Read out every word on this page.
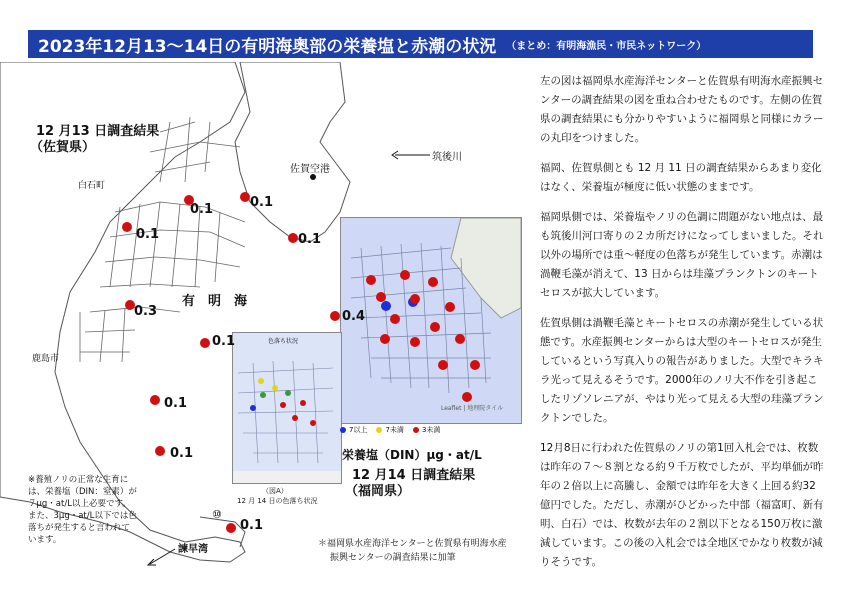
2023年12月13〜14日の有明海奥部の栄養塩と赤潮の状況 （まとめ：有明海漁民・市民ネットワーク）
Leaflet | 地理院タイル
色落ち状況
0.1	0.1
0.1	0.1
0.3
0.1
0.1
0.1
0.1
0.4
12 月13 日調査結果
（佐賀県）
白石町
鹿島市
有　明　海
佐賀空港
筑後川
諫早湾
⑩
（図A）
12 月 14 日の色落ち状況
7以上	7未満	3未満
栄養塩（DIN）μg・at/L
12 月14 日調査結果
（福岡県）
※養殖ノリの正常な生育には、栄養塩（DIN：窒素）が７μg・at/L以上必要です。また、3μg・at/L以下では色落ちが発生すると言われています。	＊福岡県水産海洋センターと佐賀県有明海水産
振興センターの調査結果に加筆

左の図は福岡県水産海洋センターと佐賀県有明海水産振興センターの調査結果の図を重ね合わせたものです。左側の佐賀県の調査結果にも分かりやすいように福岡県と同様にカラーの丸印をつけました。

福岡、佐賀県側とも 12 月 11 日の調査結果からあまり変化はなく、栄養塩が極度に低い状態のままです。

福岡県側では、栄養塩やノリの色調に問題がない地点は、最も筑後川河口寄りの２カ所だけになってしまいました。それ以外の場所では重〜軽度の色落ちが発生しています。赤潮は渦鞭毛藻が消えて、13 日からは珪藻プランクトンのキートセロスが拡大しています。

佐賀県側は渦鞭毛藻とキートセロスの赤潮が発生している状態です。水産振興センターからは大型のキートセロスが発生しているという写真入りの報告がありました。大型でキラキラ光って見えるそうです。2000年のノリ大不作を引き起こしたリゾソレニアが、やはり光って見える大型の珪藻プランクトンでした。

12月8日に行われた佐賀県のノリの第1回入札会では、枚数は昨年の７〜８割となる約９千万枚でしたが、平均単価が昨年の２倍以上に高騰し、金額では昨年を大きく上回る約32億円でした。ただし、赤潮がひどかった中部（福富町、新有明、白石）では、枚数が去年の２割以下となる150万枚に激減しています。この後の入札会では全地区でかなり枚数が減りそうです。
